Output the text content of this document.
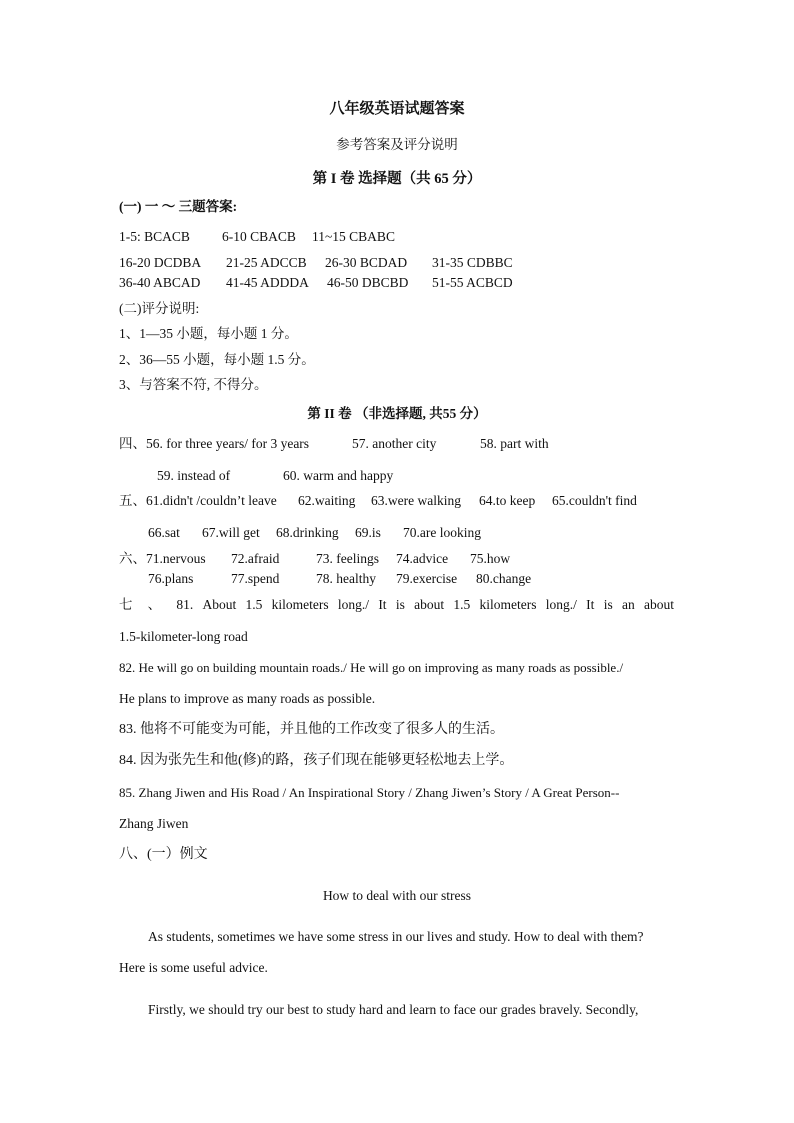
八年级英语试题答案
参考答案及评分说明
第 I 卷 选择题（共 65 分）
(一) 一 ～ 三题答案:
1-5: BCACB 6-10 CBACB 11~15 CBABC
16-20 DCDBA 21-25 ADCCB 26-30 BCDAD 31-35 CDBBC
36-40 ABCAD 41-45 ADDDA 46-50 DBCBD 51-55 ACBCD
(二)评分说明:
1、1—35 小题，每小题 1 分。
2、36—55 小题，每小题 1.5 分。
3、与答案不符, 不得分。
第 II 卷 （非选择题, 共55 分）
四、56. for three years/ for 3 years	57. another city	58. part with
59. instead of	60. warm and happy
五、61.didn't /couldn’t leave 62.waiting 63.were walking 64.to keep 65.couldn't find
66.sat 67.will get 68.drinking 69.is 70.are looking
六、71.nervous 72.afraid	73. feelings 74.advice 75.how
76.plans	77.spend	78. healthy 79.exercise 80.change
七 、 81. About 1.5 kilometers long./ It is about 1.5 kilometers long./ It is an about
1.5-kilometer-long road
82. He will go on building mountain roads./ He will go on improving as many roads as possible./
He plans to improve as many roads as possible.
83. 他将不可能变为可能，并且他的工作改变了很多人的生活。
84. 因为张先生和他(修)的路，孩子们现在能够更轻松地去上学。
85. Zhang Jiwen and His Road / An Inspirational Story / Zhang Jiwen’s Story / A Great Person--
Zhang Jiwen
八、(一）例文
How to deal with our stress
As students, sometimes we have some stress in our lives and study. How to deal with them?
Here is some useful advice.
Firstly, we should try our best to study hard and learn to face our grades bravely. Secondly,
